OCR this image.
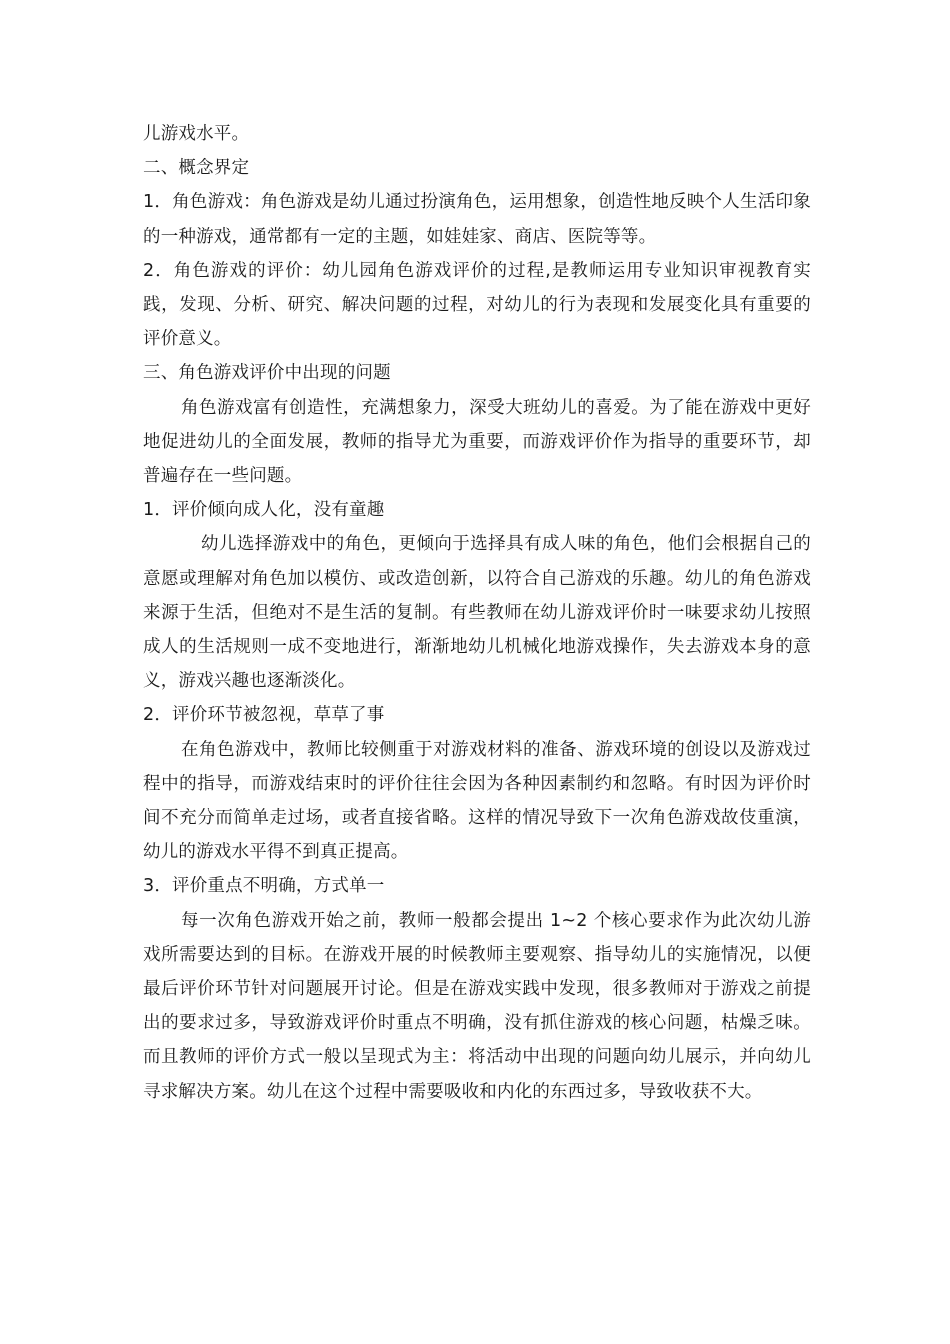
儿游戏水平。

二、概念界定

1．角色游戏：角色游戏是幼儿通过扮演角色，运用想象，创造性地反映个人生活印象的一种游戏，通常都有一定的主题，如娃娃家、商店、医院等等。

2．角色游戏的评价：幼儿园角色游戏评价的过程,是教师运用专业知识审视教育实践，发现、分析、研究、解决问题的过程，对幼儿的行为表现和发展变化具有重要的评价意义。

三、角色游戏评价中出现的问题

角色游戏富有创造性，充满想象力，深受大班幼儿的喜爱。为了能在游戏中更好地促进幼儿的全面发展，教师的指导尤为重要，而游戏评价作为指导的重要环节，却普遍存在一些问题。

1．评价倾向成人化，没有童趣

幼儿选择游戏中的角色，更倾向于选择具有成人味的角色，他们会根据自己的意愿或理解对角色加以模仿、或改造创新，以符合自己游戏的乐趣。幼儿的角色游戏来源于生活，但绝对不是生活的复制。有些教师在幼儿游戏评价时一味要求幼儿按照成人的生活规则一成不变地进行，渐渐地幼儿机械化地游戏操作，失去游戏本身的意义，游戏兴趣也逐渐淡化。

2．评价环节被忽视，草草了事

在角色游戏中，教师比较侧重于对游戏材料的准备、游戏环境的创设以及游戏过程中的指导，而游戏结束时的评价往往会因为各种因素制约和忽略。有时因为评价时间不充分而简单走过场，或者直接省略。这样的情况导致下一次角色游戏故伎重演，幼儿的游戏水平得不到真正提高。

3．评价重点不明确，方式单一

每一次角色游戏开始之前，教师一般都会提出 1~2 个核心要求作为此次幼儿游戏所需要达到的目标。在游戏开展的时候教师主要观察、指导幼儿的实施情况，以便最后评价环节针对问题展开讨论。但是在游戏实践中发现，很多教师对于游戏之前提出的要求过多，导致游戏评价时重点不明确，没有抓住游戏的核心问题，枯燥乏味。而且教师的评价方式一般以呈现式为主：将活动中出现的问题向幼儿展示，并向幼儿寻求解决方案。幼儿在这个过程中需要吸收和内化的东西过多，导致收获不大。
